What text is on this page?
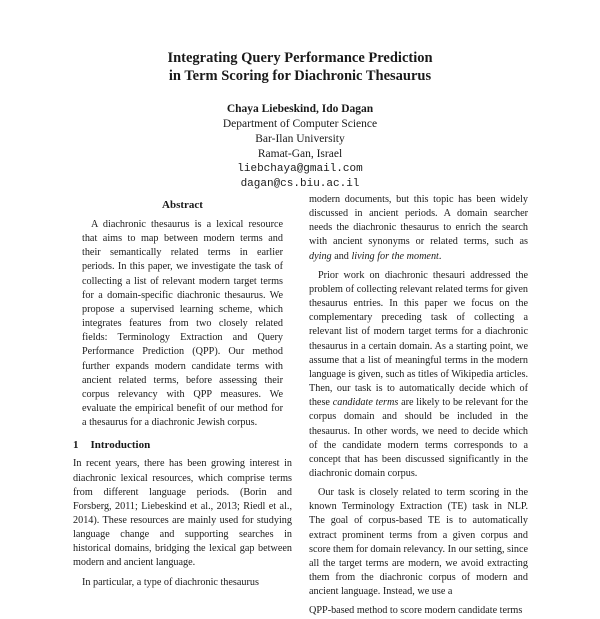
Integrating Query Performance Prediction
in Term Scoring for Diachronic Thesaurus
Chaya Liebeskind, Ido Dagan
Department of Computer Science
Bar-Ilan University
Ramat-Gan, Israel
liebchaya@gmail.com
dagan@cs.biu.ac.il
Abstract

A diachronic thesaurus is a lexical resource that aims to map between modern terms and their semantically related terms in earlier periods. In this paper, we investigate the task of collecting a list of relevant modern target terms for a domain-specific diachronic thesaurus. We propose a supervised learning scheme, which integrates features from two closely related fields: Terminology Extraction and Query Performance Prediction (QPP). Our method further expands modern candidate terms with ancient related terms, before assessing their corpus relevancy with QPP measures. We evaluate the empirical benefit of our method for a thesaurus for a diachronic Jewish corpus.

1 Introduction

In recent years, there has been growing interest in diachronic lexical resources, which comprise terms from different language periods. (Borin and Forsberg, 2011; Liebeskind et al., 2013; Riedl et al., 2014). These resources are mainly used for studying language change and supporting searches in historical domains, bridging the lexical gap between modern and ancient language.

In particular, a type of diachronic thesaurus

modern documents, but this topic has been widely discussed in ancient periods. A domain searcher needs the diachronic thesaurus to enrich the search with ancient synonyms or related terms, such as dying and living for the moment.

Prior work on diachronic thesauri addressed the problem of collecting relevant related terms for given thesaurus entries. In this paper we focus on the complementary preceding task of collecting a relevant list of modern target terms for a diachronic thesaurus in a certain domain. As a starting point, we assume that a list of meaningful terms in the modern language is given, such as titles of Wikipedia articles. Then, our task is to automatically decide which of these candidate terms are likely to be relevant for the corpus domain and should be included in the thesaurus. In other words, we need to decide which of the candidate modern terms corresponds to a concept that has been discussed significantly in the diachronic domain corpus.

Our task is closely related to term scoring in the known Terminology Extraction (TE) task in NLP. The goal of corpus-based TE is to automatically extract prominent terms from a given corpus and score them for domain relevancy. In our setting, since all the target terms are modern, we avoid extracting them from the diachronic corpus of modern and ancient language. Instead, we use a

QPP-based method to score modern candidate terms
